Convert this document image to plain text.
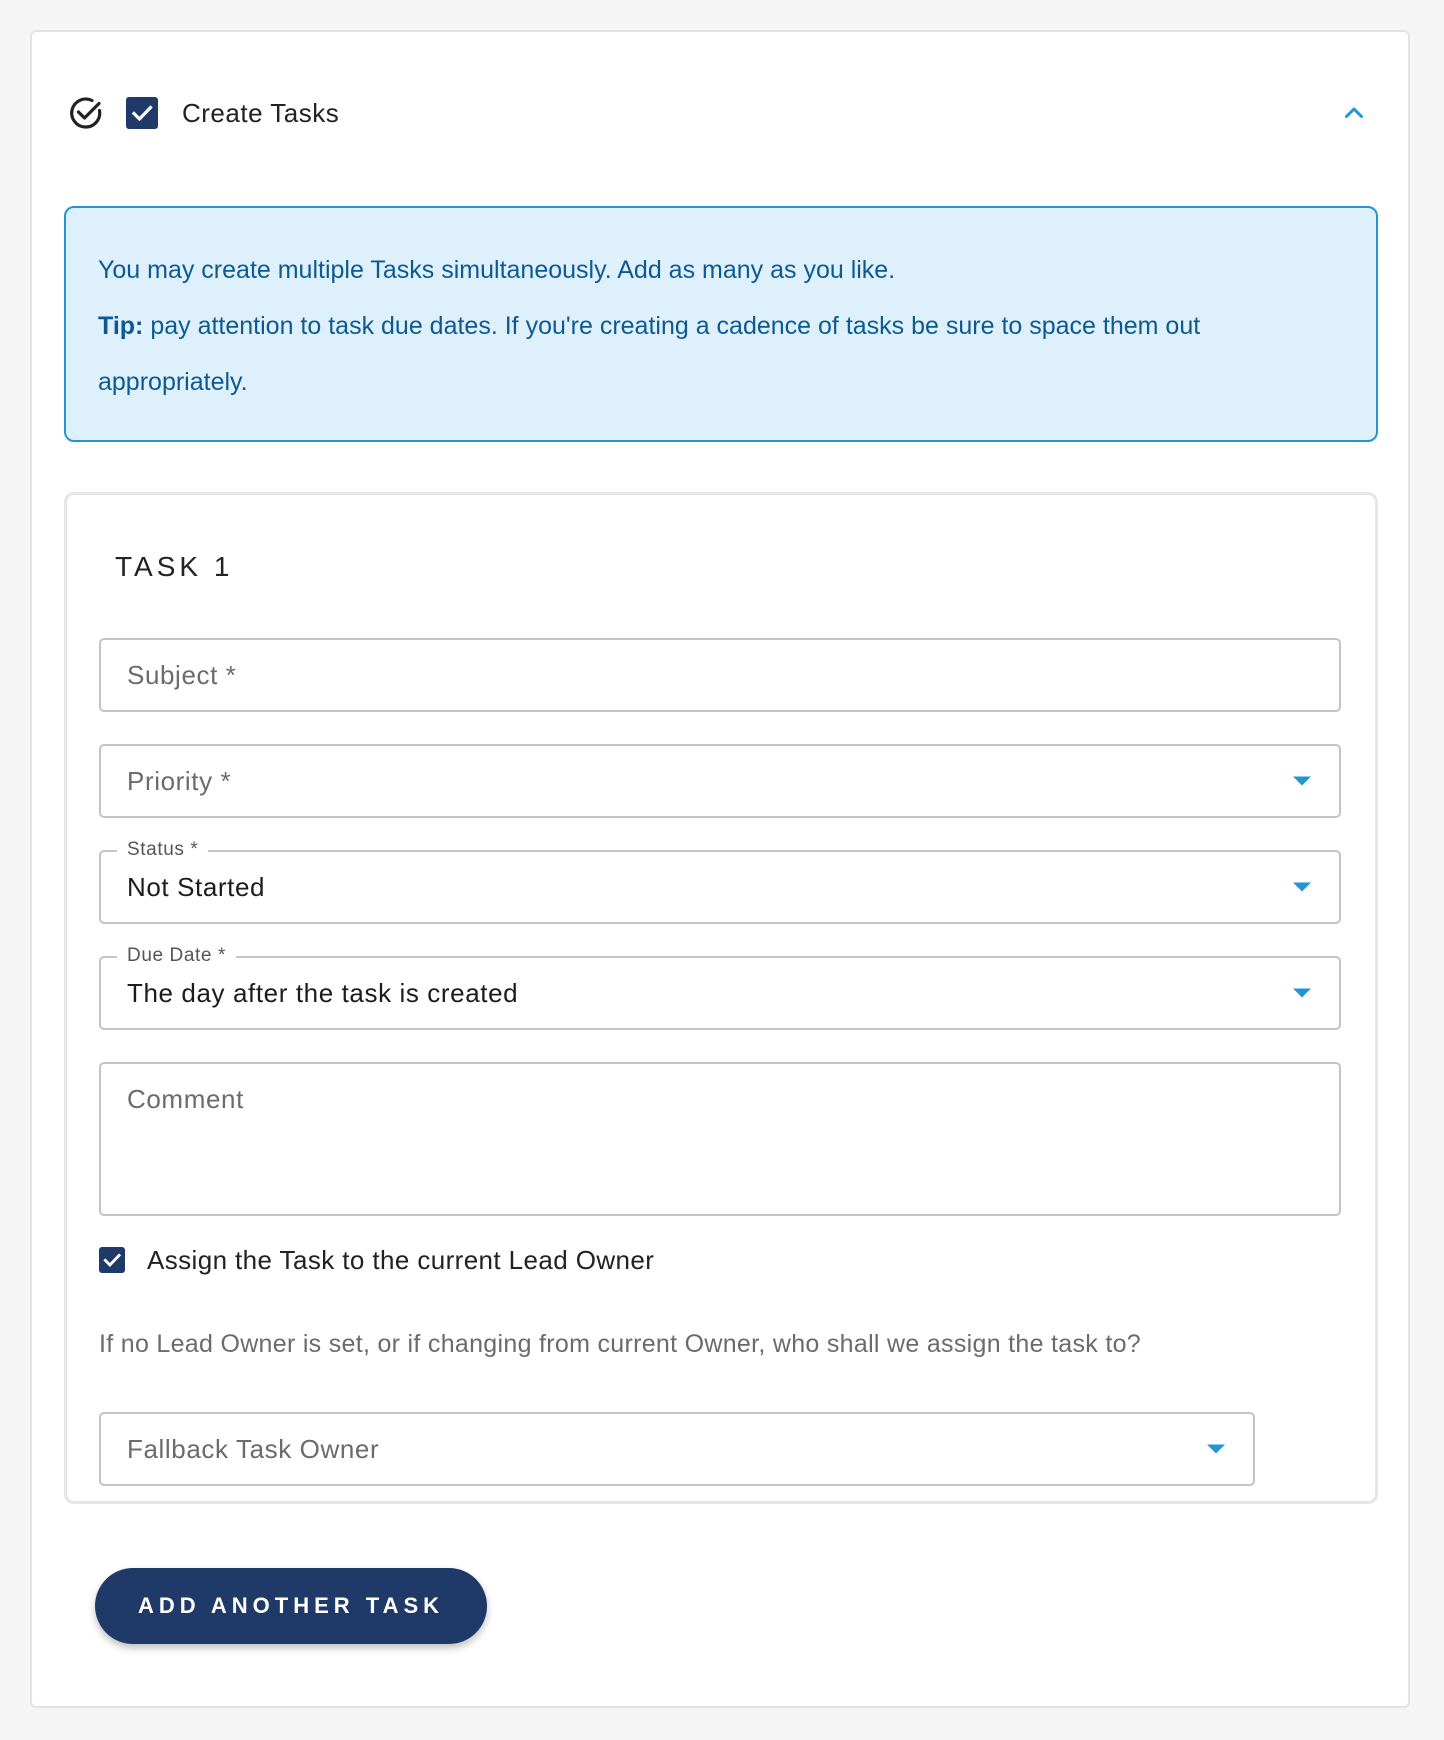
Create Tasks

You may create multiple Tasks simultaneously. Add as many as you like.

Tip: pay attention to task due dates. If you're creating a cadence of tasks be sure to space them out appropriately.

TASK 1
Subject *
Priority *
Status *
Not Started
Due Date *
The day after the task is created
Comment
Assign the Task to the current Lead Owner
If no Lead Owner is set, or if changing from current Owner, who shall we assign the task to?
Fallback Task Owner
ADD ANOTHER TASK
